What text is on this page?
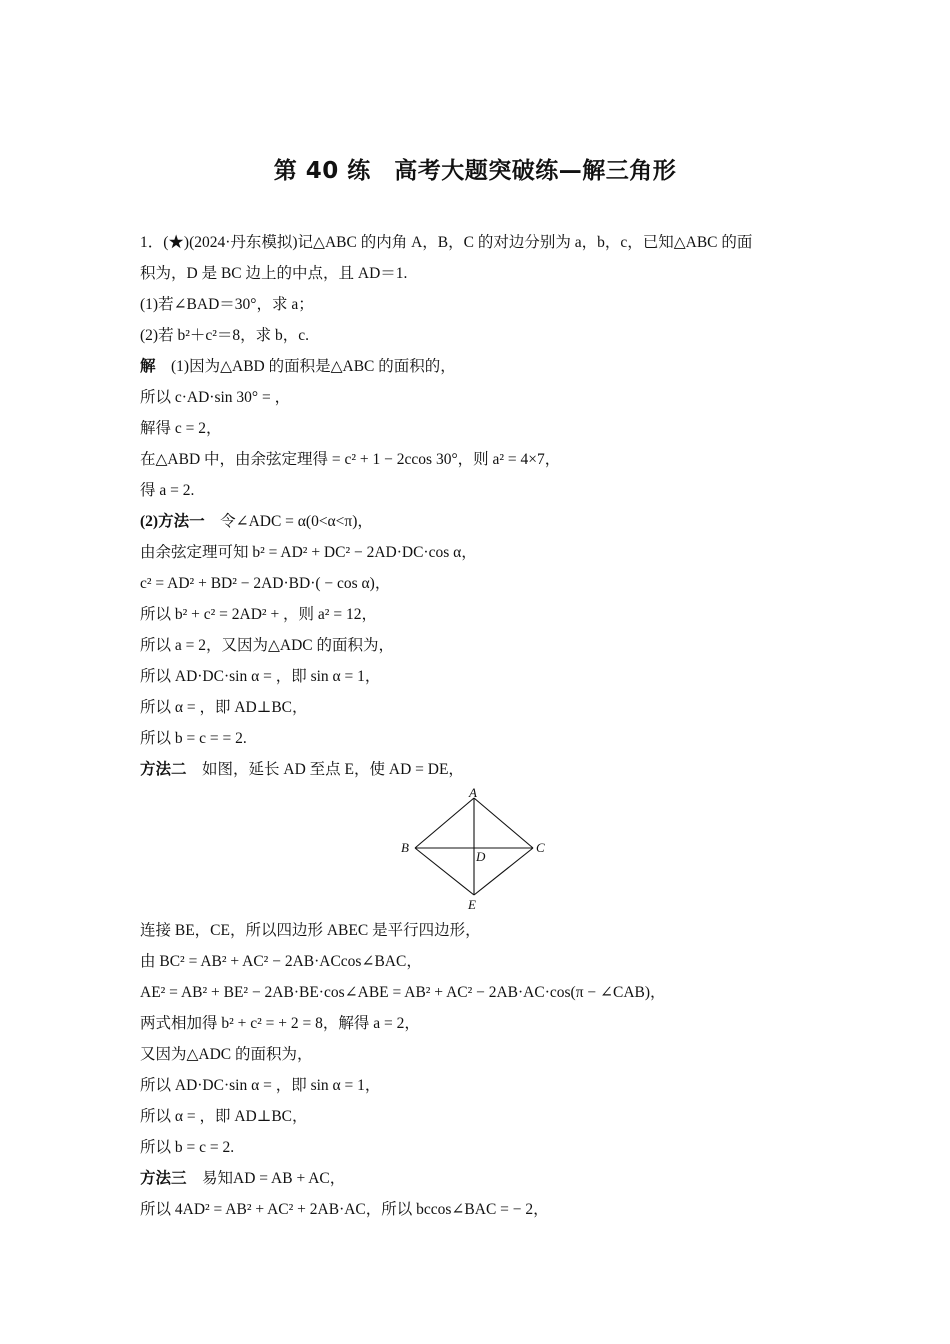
第 40 练　高考大题突破练—解三角形
1．(★)(2024·丹东模拟)记△ABC 的内角 A，B，C 的对边分别为 a，b，c，已知△ABC 的面
积为，D 是 BC 边上的中点，且 AD＝1.
(1)若∠BAD＝30°，求 a；
(2)若 b²＋c²＝8，求 b，c.
解　(1)因为△ABD 的面积是△ABC 的面积的，
所以 c·AD·sin 30° = ，
解得 c = 2，
在△ABD 中，由余弦定理得 = c² + 1 − 2ccos 30°，则 a² = 4×7，
得 a = 2.
(2)方法一　令∠ADC = α(0<α<π)，
由余弦定理可知 b² = AD² + DC² − 2AD·DC·cos α，
c² = AD² + BD² − 2AD·BD·( − cos α)，
所以 b² + c² = 2AD² + ，则 a² = 12，
所以 a = 2，又因为△ADC 的面积为，
所以 AD·DC·sin α = ，即 sin α = 1，
所以 α = ，即 AD⊥BC，
所以 b = c = = 2.
方法二　如图，延长 AD 至点 E，使 AD = DE，
A
B	C
D
E
连接 BE，CE，所以四边形 ABEC 是平行四边形，
由 BC² = AB² + AC² − 2AB·ACcos∠BAC，
AE² = AB² + BE² − 2AB·BE·cos∠ABE = AB² + AC² − 2AB·AC·cos(π − ∠CAB)，
两式相加得 b² + c² = + 2 = 8，解得 a = 2，
又因为△ADC 的面积为，
所以 AD·DC·sin α = ，即 sin α = 1，
所以 α = ，即 AD⊥BC，
所以 b = c = 2.
方法三　易知AD = AB + AC，
所以 4AD² = AB² + AC² + 2AB·AC，所以 bccos∠BAC = − 2，
